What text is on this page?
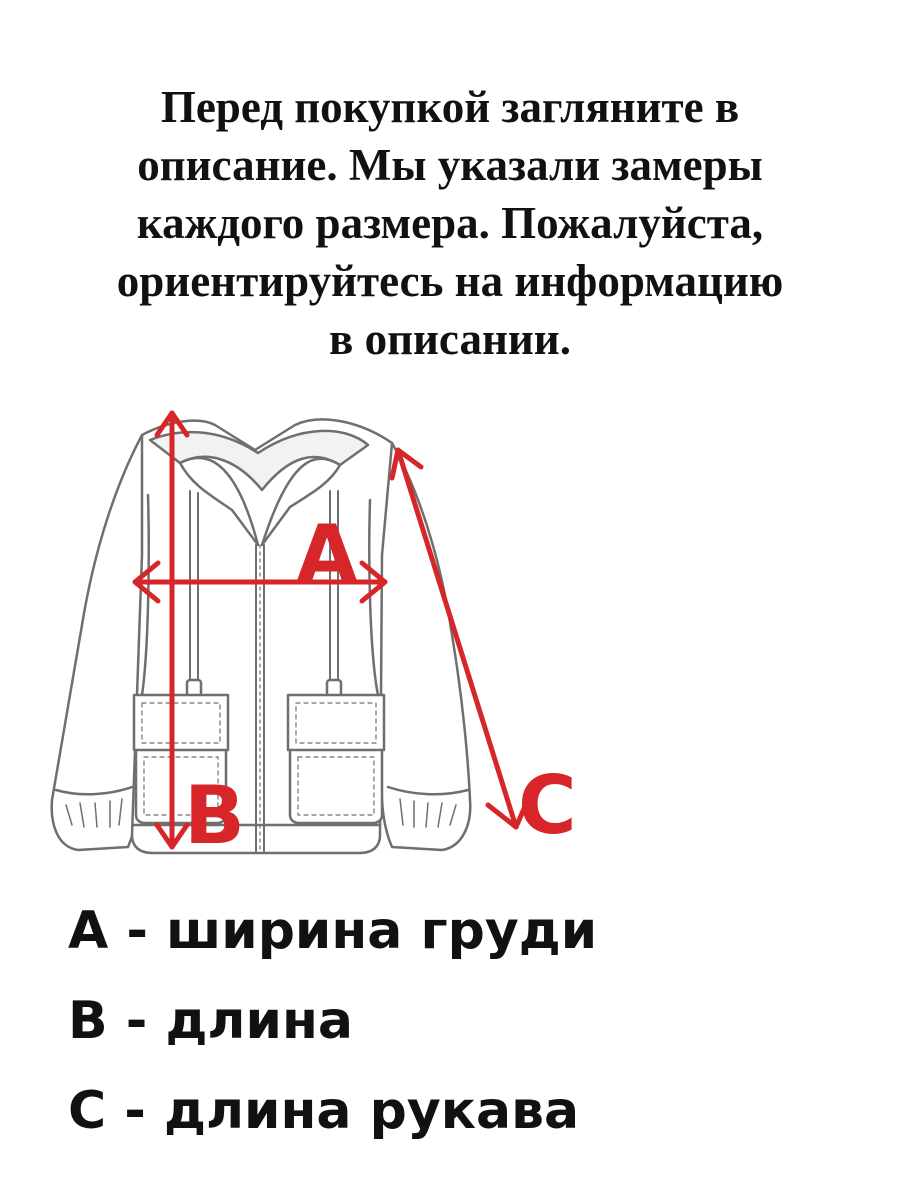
Перед покупкой загляните в
описание. Мы указали замеры
каждого размера. Пожалуйста,
ориентируйтесь на информацию
в описании.
A
B	C
A - ширина груди
B - длина
C - длина рукава
